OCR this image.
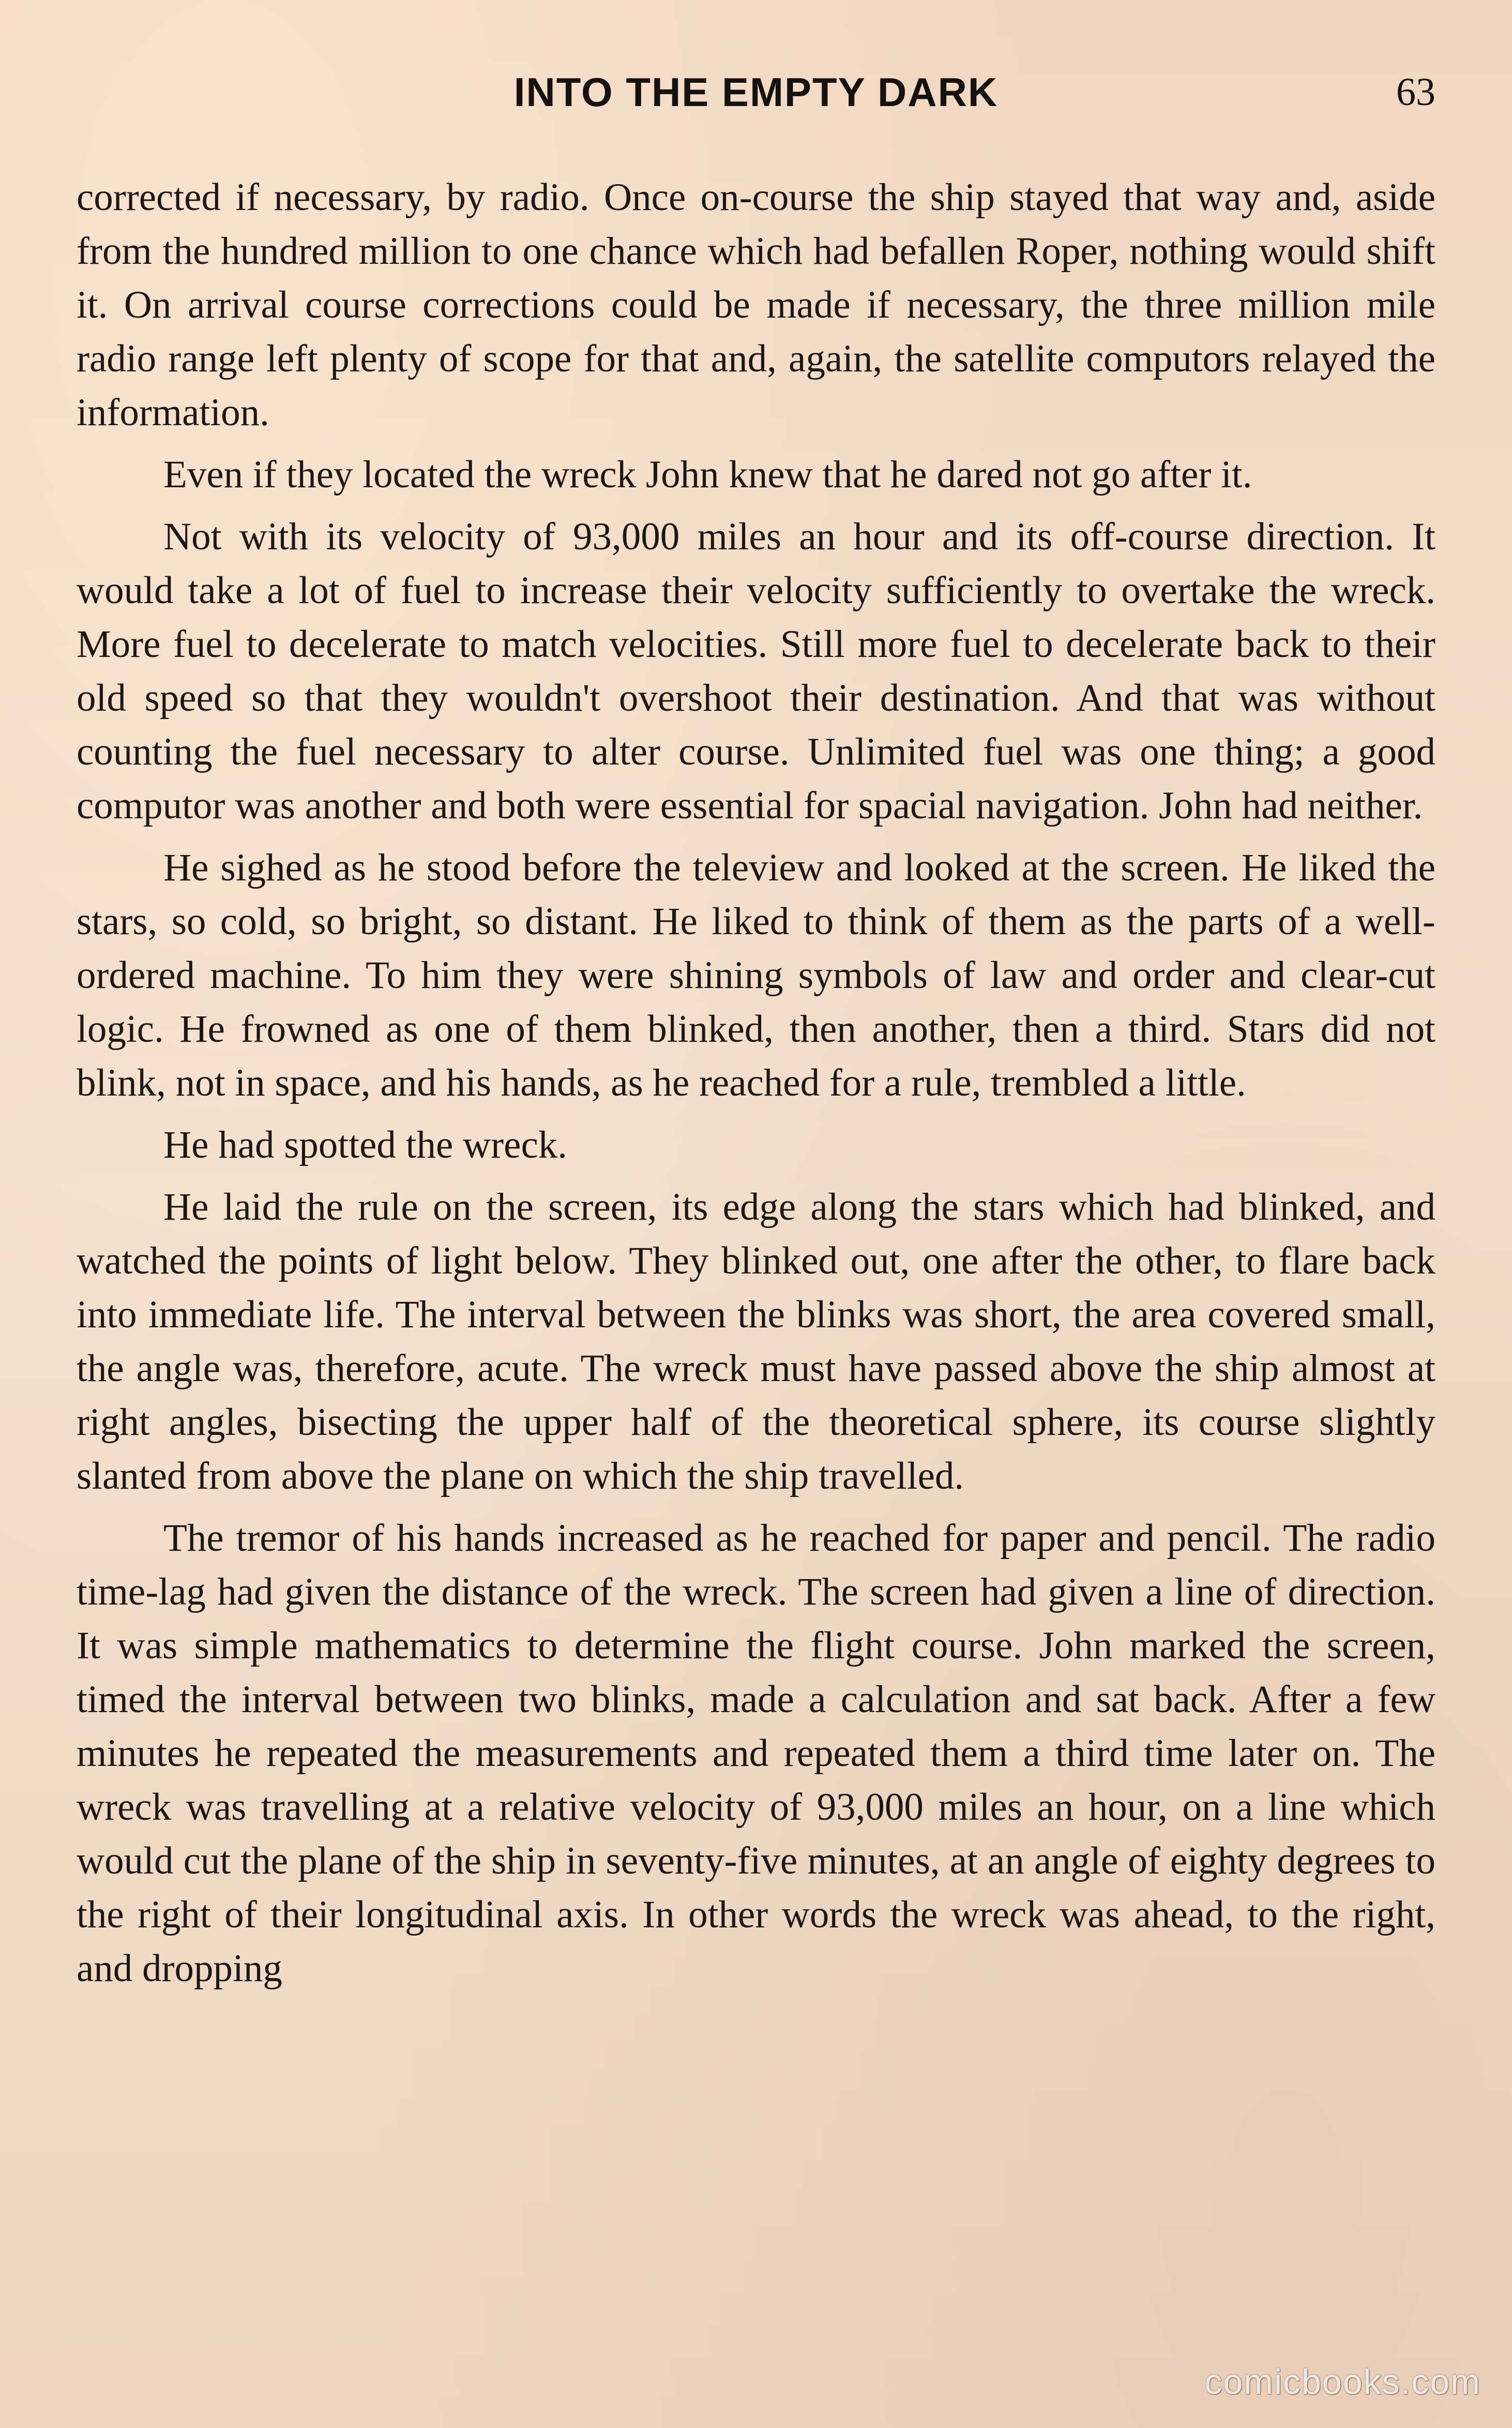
INTO THE EMPTY DARK	63

corrected if necessary, by radio. Once on-course the ship stayed that way and, aside from the hundred million to one chance which had befallen Roper, nothing would shift it. On arrival course corrections could be made if necessary, the three million mile radio range left plenty of scope for that and, again, the satellite computors relayed the information.

Even if they located the wreck John knew that he dared not go after it.

Not with its velocity of 93,000 miles an hour and its off-course direction. It would take a lot of fuel to increase their velocity sufficiently to overtake the wreck. More fuel to decelerate to match velocities. Still more fuel to decelerate back to their old speed so that they wouldn't overshoot their destination. And that was without counting the fuel necessary to alter course. Unlimited fuel was one thing; a good computor was another and both were essential for spacial navigation. John had neither.

He sighed as he stood before the teleview and looked at the screen. He liked the stars, so cold, so bright, so distant. He liked to think of them as the parts of a well-ordered machine. To him they were shining symbols of law and order and clear-cut logic. He frowned as one of them blinked, then another, then a third. Stars did not blink, not in space, and his hands, as he reached for a rule, trembled a little.

He had spotted the wreck.

He laid the rule on the screen, its edge along the stars which had blinked, and watched the points of light below. They blinked out, one after the other, to flare back into immediate life. The interval between the blinks was short, the area covered small, the angle was, therefore, acute. The wreck must have passed above the ship almost at right angles, bisecting the upper half of the theoretical sphere, its course slightly slanted from above the plane on which the ship travelled.

The tremor of his hands increased as he reached for paper and pencil. The radio time-lag had given the distance of the wreck. The screen had given a line of direction. It was simple mathematics to determine the flight course. John marked the screen, timed the interval between two blinks, made a calculation and sat back. After a few minutes he repeated the measurements and repeated them a third time later on. The wreck was travelling at a relative velocity of 93,000 miles an hour, on a line which would cut the plane of the ship in seventy-five minutes, at an angle of eighty degrees to the right of their longitudinal axis. In other words the wreck was ahead, to the right, and dropping

comicbooks.com
